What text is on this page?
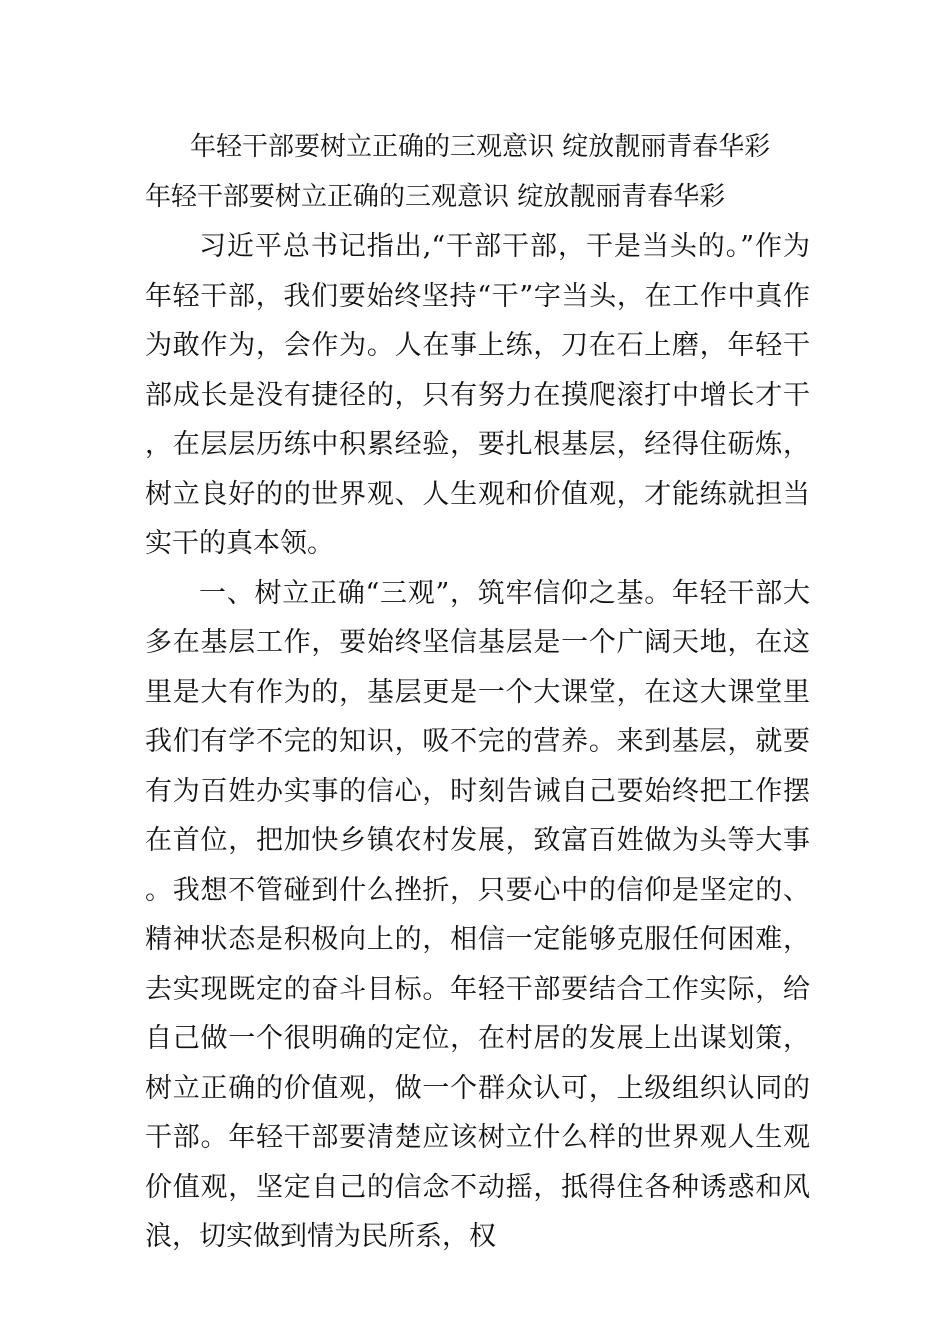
年轻干部要树立正确的三观意识 绽放靓丽青春华彩
年轻干部要树立正确的三观意识 绽放靓丽青春华彩

习近平总书记指出,“干部干部，干是当头的。”作为年轻干部，我们要始终坚持“干”字当头，在工作中真作为敢作为，会作为。人在事上练，刀在石上磨，年轻干部成长是没有捷径的，只有努力在摸爬滚打中增长才干，在层层历练中积累经验，要扎根基层，经得住砺炼，树立良好的的世界观、人生观和价值观，才能练就担当实干的真本领。

一、树立正确“三观”，筑牢信仰之基。年轻干部大多在基层工作，要始终坚信基层是一个广阔天地，在这里是大有作为的，基层更是一个大课堂，在这大课堂里我们有学不完的知识，吸不完的营养。来到基层，就要有为百姓办实事的信心，时刻告诫自己要始终把工作摆在首位，把加快乡镇农村发展，致富百姓做为头等大事。我想不管碰到什么挫折，只要心中的信仰是坚定的、精神状态是积极向上的，相信一定能够克服任何困难，去实现既定的奋斗目标。年轻干部要结合工作实际，给自己做一个很明确的定位，在村居的发展上出谋划策，树立正确的价值观，做一个群众认可，上级组织认同的干部。年轻干部要清楚应该树立什么样的世界观人生观价值观，坚定自己的信念不动摇，抵得住各种诱惑和风浪，切实做到情为民所系，权
